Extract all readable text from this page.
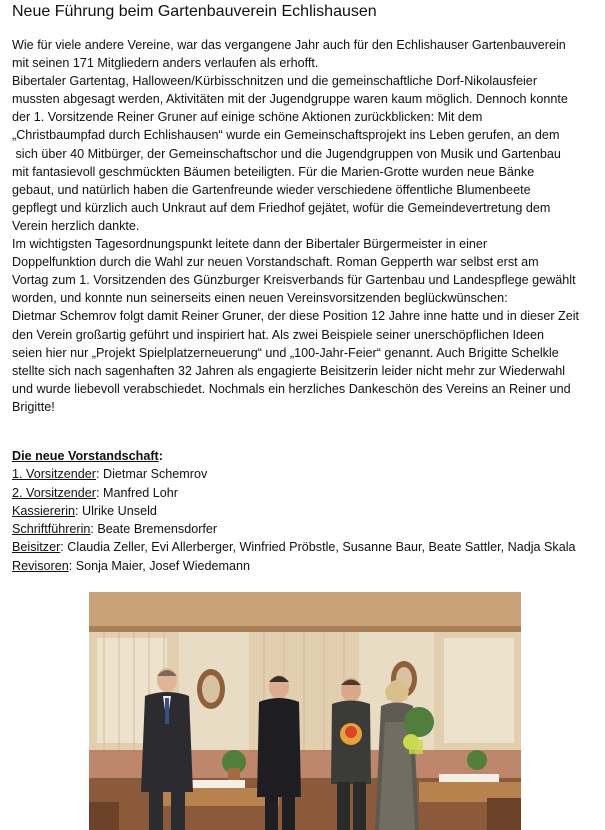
Neue Führung beim Gartenbauverein Echlishausen
Wie für viele andere Vereine, war das vergangene Jahr auch für den Echlishauser Gartenbauverein
mit seinen 171 Mitgliedern anders verlaufen als erhofft.
Bibertaler Gartentag, Halloween/Kürbisschnitzen und die gemeinschaftliche Dorf-Nikolausfeier
mussten abgesagt werden, Aktivitäten mit der Jugendgruppe waren kaum möglich. Dennoch konnte
der 1. Vorsitzende Reiner Gruner auf einige schöne Aktionen zurückblicken: Mit dem
„Christbaumpfad durch Echlishausen“ wurde ein Gemeinschaftsprojekt ins Leben gerufen, an dem
sich über 40 Mitbürger, der Gemeinschaftschor und die Jugendgruppen von Musik und Gartenbau
mit fantasievoll geschmückten Bäumen beteiligten. Für die Marien-Grotte wurden neue Bänke
gebaut, und natürlich haben die Gartenfreunde wieder verschiedene öffentliche Blumenbeete
gepflegt und kürzlich auch Unkraut auf dem Friedhof gejätet, wofür die Gemeindevertretung dem
Verein herzlich dankte.
Im wichtigsten Tagesordnungspunkt leitete dann der Bibertaler Bürgermeister in einer
Doppelfunktion durch die Wahl zur neuen Vorstandschaft. Roman Gepperth war selbst erst am
Vortag zum 1. Vorsitzenden des Günzburger Kreisverbands für Gartenbau und Landespflege gewählt
worden, und konnte nun seinerseits einen neuen Vereinsvorsitzenden beglückwünschen:
Dietmar Schemrov folgt damit Reiner Gruner, der diese Position 12 Jahre inne hatte und in dieser Zeit
den Verein großartig geführt und inspiriert hat. Als zwei Beispiele seiner unerschöpflichen Ideen
seien hier nur „Projekt Spielplatzerneuerung“ und „100-Jahr-Feier“ genannt. Auch Brigitte Schelkle
stellte sich nach sagenhaften 32 Jahren als engagierte Beisitzerin leider nicht mehr zur Wiederwahl
und wurde liebevoll verabschiedet. Nochmals ein herzliches Dankeschön des Vereins an Reiner und
Brigitte!
Die neue Vorstandschaft:
1. Vorsitzender: Dietmar Schemrov
2. Vorsitzender: Manfred Lohr
Kassiererin: Ulrike Unseld
Schriftführerin: Beate Bremensdorfer
Beisitzer: Claudia Zeller, Evi Allerberger, Winfried Pröbstle, Susanne Baur, Beate Sattler, Nadja Skala
Revisoren: Sonja Maier, Josef Wiedemann
